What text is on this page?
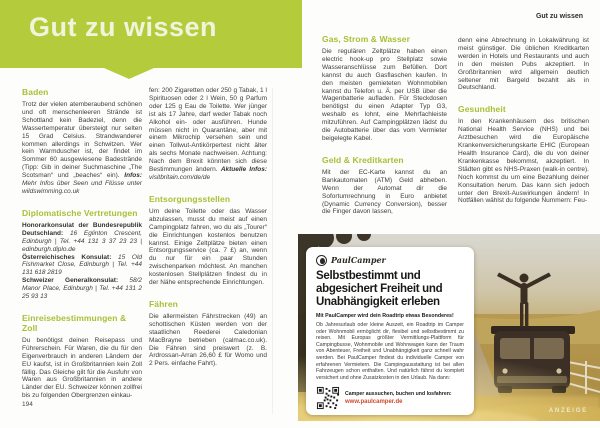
Gut zu wissen	Gut zu wissen
Baden

Trotz der vielen atemberaubend schönen und oft menschenleeren Strände ist Schottland kein Badeziel, denn die Wassertemperatur übersteigt nur selten 15 Grad Celsius. Strandwanderer kommen allerdings in Schwitzen. Wer kein Warmduscher ist, der findet im Sommer 60 ausgewiesene Badestrände (Tipp: Gib in deiner Suchmaschine „The Scotsman“ und „beaches“ ein). Infos: Mehr Infos über Seen und Flüsse unter wildswimming.co.uk

Diplomatische Vertretungen

Honorarkonsulat der Bundesrepublik Deutschland: 16 Eglinton Crescent, Edinburgh | Tel. +44 131 3 37 23 23 | edinburgh.diplo.de

Österreichisches Konsulat: 15 Old Fishmarket Close, Edinburgh | Tel. +44 131 618 2819

Schweizer Generalkonsulat: 58/2 Manor Place, Edinburgh | Tel. +44 131 2 25 93 13

Einreisebestimmungen & Zoll

Du benötigst deinen Reisepass und Führerschein. Für Waren, die du für den Eigenverbrauch in anderen Ländern der EU kaufst, ist in Großbritannien kein Zoll fällig. Das Gleiche gilt für die Ausfuhr von Waren aus Großbritannien in andere Länder der EU. Schweizer können zollfrei bis zu folgenden Obergrenzen einkau-

fen: 200 Zigaretten oder 250 g Tabak, 1 l Spirituosen oder 2 l Wein, 50 g Parfum oder 125 g Eau de Toilette. Wer jünger ist als 17 Jahre, darf weder Tabak noch Alkohol ein- oder ausführen. Hunde müssen nicht in Quarantäne, aber mit einem Mikrochip versehen sein und einen Tollwut-Antikörpertest nicht älter als sechs Monate nachweisen. Achtung: Nach dem Brexit könnten sich diese Bestimmungen ändern. Aktuelle Infos: visitbritain.com/de/de

Entsorgungsstellen

Um deine Toilette oder das Wasser abzulassen, musst du meist auf einen Campingplatz fahren, wo du als „Tourer“ die Einrichtungen kostenlos benutzen kannst. Einige Zeltplätze bieten einen Entsorgungsservice (ca. 7 £) an, wenn du nur für ein paar Stunden zwischenparken möchtest. An manchen kostenlosen Stellplätzen findest du in der Nähe entsprechende Einrichtungen.

Fähren

Die allermeisten Fährstrecken (49) an schottischen Küsten werden von der staatlichen Reederei Caledonian MacBrayne betrieben (calmac.co.uk). Die Fähren sind preiswert (z. B. Ardrossan-Arran 26,60 £ für Womo und 2 Pers. einfache Fahrt).

Gas, Strom & Wasser

Die regulären Zeltplätze haben einen electric hook-up pro Stellplatz sowie Wasseranschlüsse zum Befüllen. Dort kannst du auch Gasflaschen kaufen. In den meisten gemieteten Wohnmobilen kannst du Telefon u. Ä. per USB über die Wagenbatterie aufladen. Für Steckdosen benötigst du einen Adapter Typ G3, weshalb es lohnt, eine Mehrfachleiste mitzuführen. Auf Campingplätzen lädst du die Autobatterie über das vom Vermieter beigelegte Kabel.

Geld & Kreditkarten

Mit der EC-Karte kannst du an Bankautomaten (ATM) Geld abheben. Wenn der Automat dir die Sofortumrechnung in Euro anbietet (Dynamic Currency Conversion), besser die Finger davon lassen,

denn eine Abrechnung in Lokalwährung ist meist günstiger. Die üblichen Kreditkarten werden in Hotels und Restaurants und auch in den meisten Pubs akzeptiert. In Großbritannien wird allgemein deutlich seltener mit Bargeld bezahlt als in Deutschland.

Gesundheit

In den Krankenhäusern des britischen National Health Service (NHS) und bei Arztbesuchen wird die Europäische Krankenversicherungskarte EHIC (European Health Insurance Card), die du von deiner Krankenkasse bekommst, akzeptiert. In Städten gibt es NHS-Praxen (walk-in centre). Noch kommst du um eine Bezahlung deiner Konsultation herum. Das kann sich jedoch unter den Brexit-Auswirkungen ändern! In Notfällen wählst du folgende Nummern: Feu-

194
ANZEIGE
PaulCamper
Selbstbestimmt und abgesichert Freiheit und Unabhängigkeit erleben
Mit PaulCamper wird dein Roadtrip etwas Besonderes!
Ob Jahresurlaub oder kleine Auszeit, ein Roadtrip im Camper oder Wohnmobil ermöglicht dir, flexibel und selbstbestimmt zu reisen. Mit Europas größter Vermittlungs-Plattform für Campingbusse, Wohnmobile und Wohnwagen kann der Traum von Abenteuer, Freiheit und Unabhängigkeit ganz schnell wahr werden. Bei PaulCamper findest du individuelle Camper von erfahrenen Vermietern. Die Campingausstattung ist bei allen Fahrzeugen schon enthalten. Und natürlich fährst du komplett versichert und ohne Zusatzkosten in den Urlaub. Na dann:
Camper aussuchen, buchen und losfahren:
www.paulcamper.de
